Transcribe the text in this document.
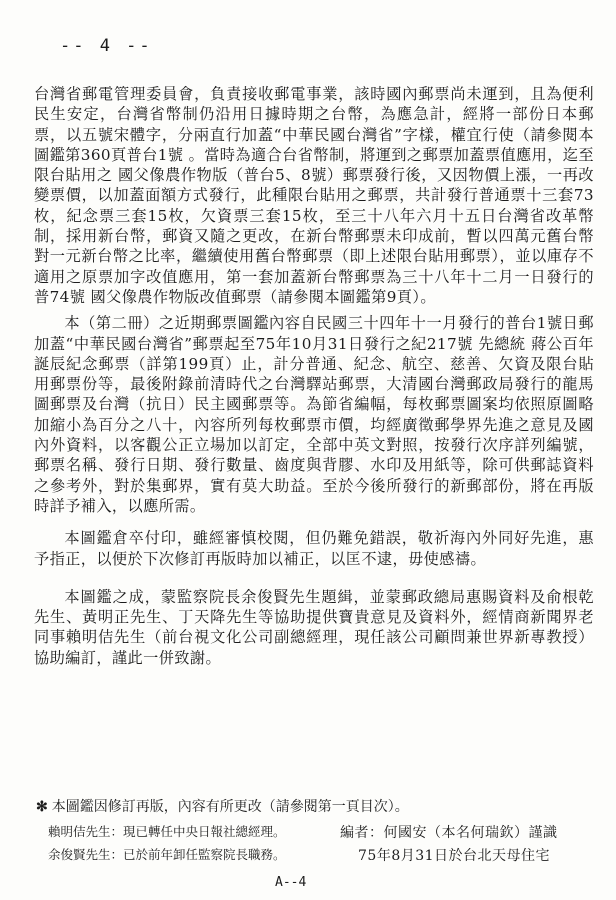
-- 4 --

台灣省郵電管理委員會，負責接收郵電事業，該時國內郵票尚未運到，且為便利民生安定，台灣省幣制仍沿用日據時期之台幣，為應急計，經將一部份日本郵票，以五號宋體字，分兩直行加蓋“中華民國台灣省”字樣，權宜行使（請參閱本圖鑑第360頁普台1號 。當時為適合台省幣制，將運到之郵票加蓋票值應用，迄至限台貼用之 國父像農作物版（普台5、8號）郵票發行後，又因物價上漲，一再改變票價，以加蓋面額方式發行，此種限台貼用之郵票，共計發行普通票十三套73枚，紀念票三套15枚，欠資票三套15枚，至三十八年六月十五日台灣省改革幣制，採用新台幣，郵資又隨之更改，在新台幣郵票未印成前，暫以四萬元舊台幣對一元新台幣之比率，繼續使用舊台幣郵票（即上述限台貼用郵票），並以庫存不適用之原票加字改值應用，第一套加蓋新台幣郵票為三十八年十二月一日發行的普74號 國父像農作物版改值郵票（請參閱本圖鑑第9頁）。

本（第二冊）之近期郵票圖鑑內容自民國三十四年十一月發行的普台1號日郵加蓋“中華民國台灣省”郵票起至75年10月31日發行之紀217號 先總統 蔣公百年誕辰紀念郵票（詳第199頁）止，計分普通、紀念、航空、慈善、欠資及限台貼用郵票份等，最後附錄前清時代之台灣驛站郵票，大清國台灣郵政局發行的龍馬圖郵票及台灣（抗日）民主國郵票等。為節省編幅，每枚郵票圖案均依照原圖略加縮小為百分之八十，內容所列每枚郵票市價，均經廣徵郵學界先進之意見及國內外資料，以客觀公正立場加以訂定，全部中英文對照，按發行次序詳列編號，郵票名稱、發行日期、發行數量、齒度與背膠、水印及用紙等，除可供郵誌資料之參考外，對於集郵界，實有莫大助益。至於今後所發行的新郵部份，將在再版時詳予補入，以應所需。

本圖鑑倉卒付印，雖經審慎校閱，但仍難免錯誤，敬祈海內外同好先進，惠予指正，以便於下次修訂再版時加以補正，以匡不逮，毋使感禱。

本圖鑑之成，蒙監察院長余俊賢先生題緝，並蒙郵政總局惠賜資料及俞根乾先生、黃明正先生、丁天降先生等協助提供寶貴意見及資料外，經情商新聞界老同事賴明佶先生（前台視文化公司副總經理，現任該公司顧問兼世界新專教授）協助編訂，謹此一併致謝。

✻ 本圖鑑因修訂再版，內容有所更改（請參閱第一頁目次）。
賴明佶先生：現已轉任中央日報社總經理。
余俊賢先生：已於前年卸任監察院長職務。
編者：何國安（本名何瑞欽）謹識
75年8月31日於台北天母住宅
A--4
